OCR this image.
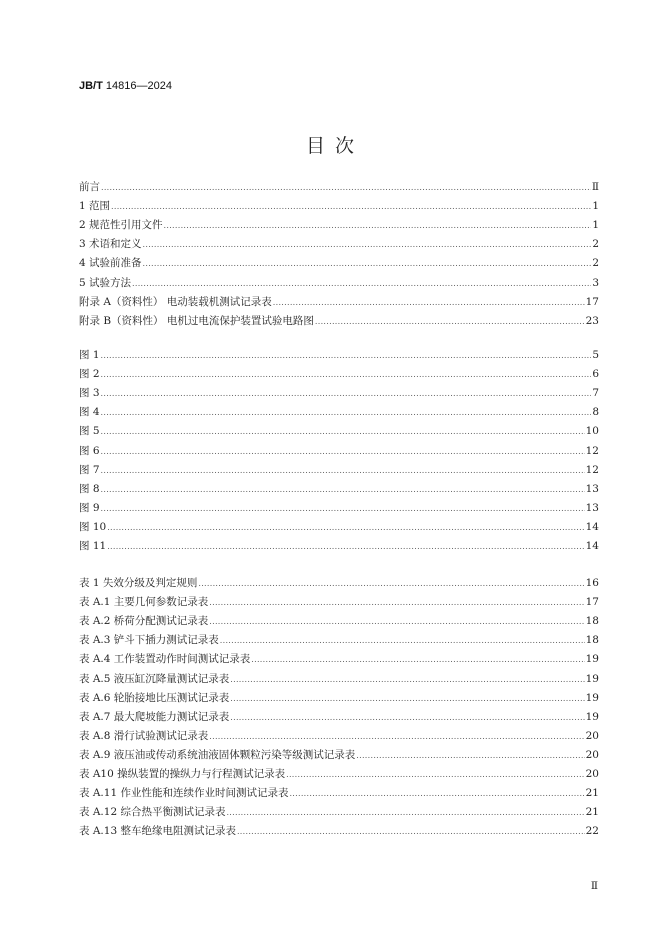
JB/T 14816—2024
目 次
前言 .....	Ⅱ
1 范围 .....	1
2 规范性引用文件 .....	1
3 术语和定义 .....	2
4 试验前准备 .....	2
5 试验方法 .....	3
附录 A（资料性） 电动装载机测试记录表 .....	17
附录 B（资料性） 电机过电流保护装置试验电路图 .....	23
图 1 .....	5
图 2 .....	6
图 3 .....	7
图 4 .....	8
图 5 .....	10
图 6 .....	12
图 7 .....	12
图 8 .....	13
图 9 .....	13
图 10 .....	14
图 11 .....	14
表 1 失效分级及判定规则 .....	16
表 A.1 主要几何参数记录表 .....	17
表 A.2 桥荷分配测试记录表 .....	18
表 A.3 铲斗下插力测试记录表 .....	18
表 A.4 工作装置动作时间测试记录表 .....	19
表 A.5 液压缸沉降量测试记录表 .....	19
表 A.6 轮胎接地比压测试记录表 .....	19
表 A.7 最大爬坡能力测试记录表 .....	19
表 A.8 滑行试验测试记录表 .....	20
表 A.9 液压油或传动系统油液固体颗粒污染等级测试记录表 .....	20
表 A10 操纵装置的操纵力与行程测试记录表 .....	20
表 A.11 作业性能和连续作业时间测试记录表 .....	21
表 A.12 综合热平衡测试记录表 .....	21
表 A.13 整车绝缘电阻测试记录表 .....	22
Ⅱ
